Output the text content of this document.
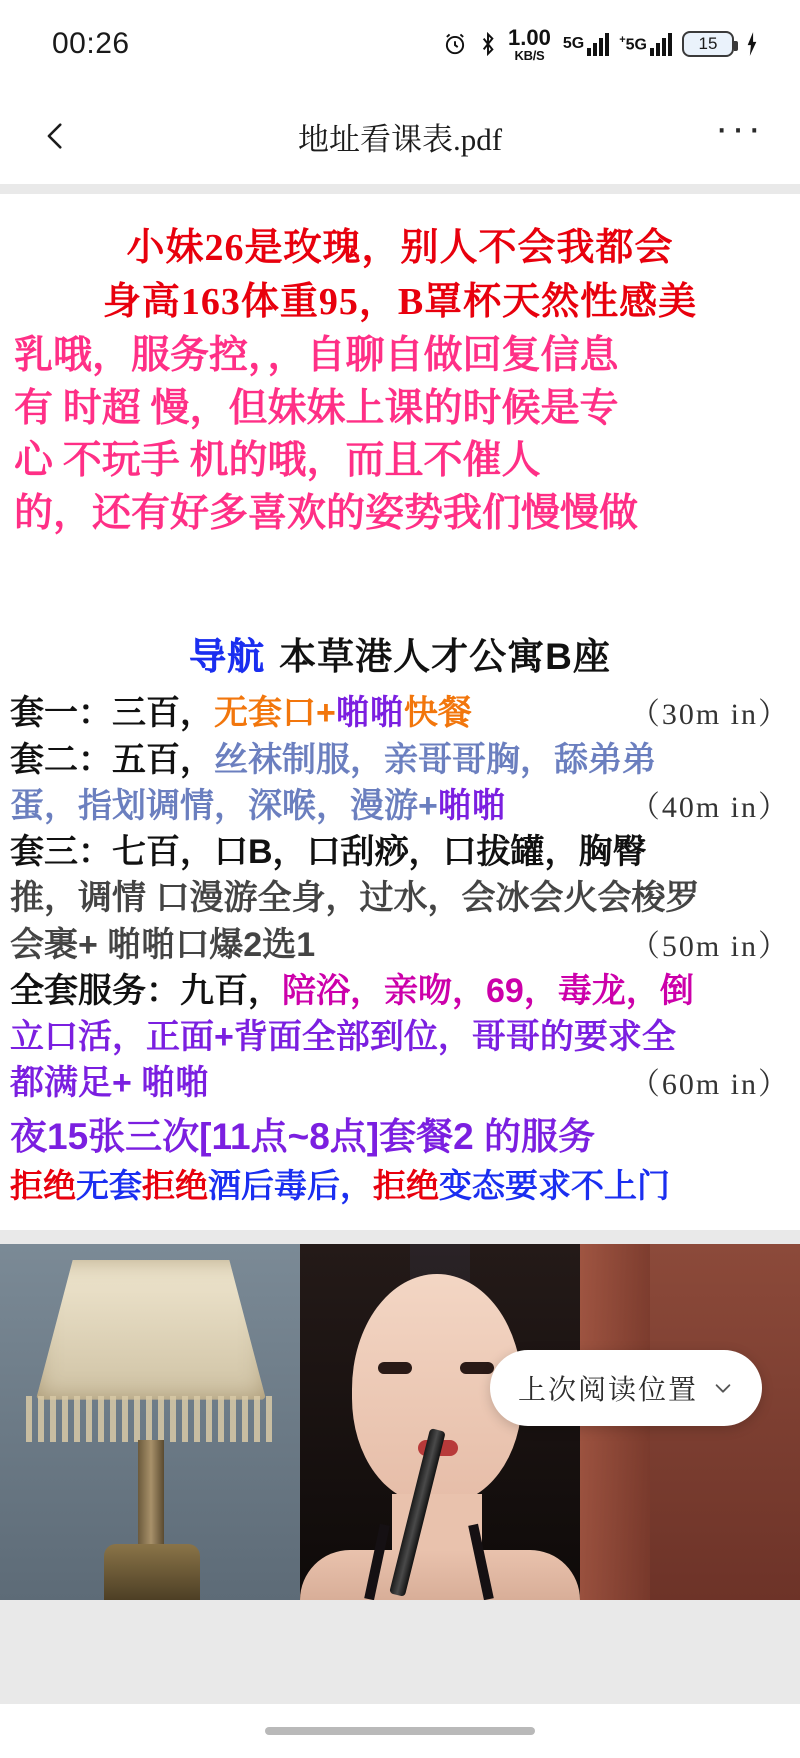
00:26	1.00
KB/S
5G	+5G	15
地址看课表.pdf	···
小妹26是玫瑰，别人不会我都会
身高163体重95，B罩杯天然性感美
乳哦，服务控，，自聊自做回复信息
有 时超 慢，但妹妹上课的时候是专
心 不玩手 机的哦，而且不催人
的，还有好多喜欢的姿势我们慢慢做
导航 本草港人才公寓B座
套一：三百，无套口+啪啪快餐	（30m in）
套二：五百，丝袜制服，亲哥哥胸，舔弟弟
蛋，指划调情，深喉，漫游+啪啪	（40m in）
套三：七百，口B，口刮痧，口拔罐，胸臀
推，调情 口漫游全身，过水，会冰会火会梭罗
会裹+ 啪啪口爆2选1	（50m in）
全套服务：九百，陪浴，亲吻，69，毒龙，倒
立口活，正面+背面全部到位，哥哥的要求全
都满足+ 啪啪	（60m in）
夜15张三次[11点~8点]套餐2 的服务
拒绝无套拒绝酒后毒后，拒绝变态要求不上门
上次阅读位置
